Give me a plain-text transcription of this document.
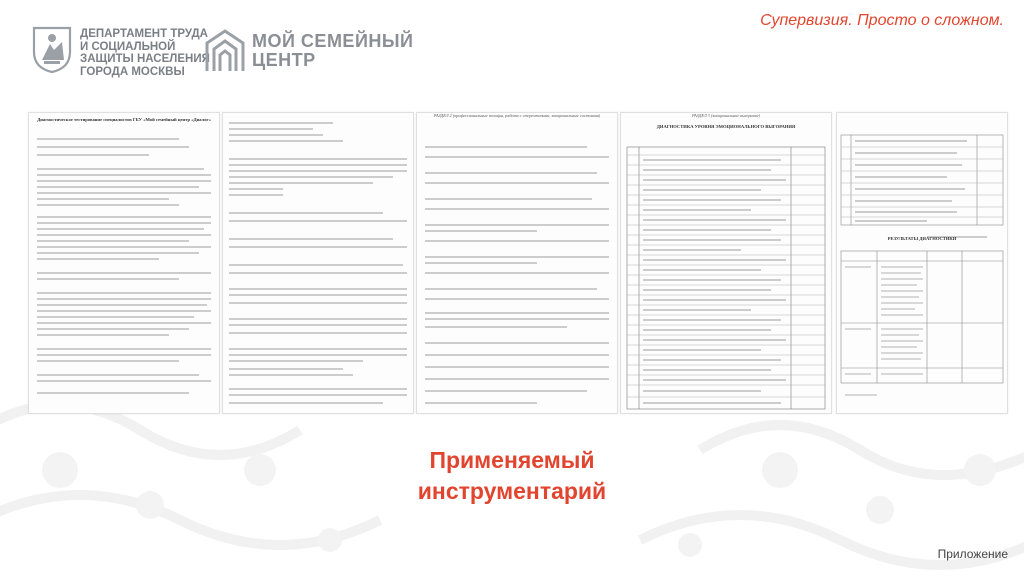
ДЕПАРТАМЕНТ ТРУДА
И СОЦИАЛЬНОЙ
ЗАЩИТЫ НАСЕЛЕНИЯ
ГОРОДА МОСКВЫ
МОЙ СЕМЕЙНЫЙ
ЦЕНТР
Супервизия. Просто о сложном.
Диагностическое тестирование специалистов ГБУ «Мой семейный центр «Диалог»
РАЗДЕЛ 2 (профессиональные позиции, работа с стереотипами, эмоциональные состояния)	РАЗДЕЛ 3 (эмоциональное выгорание)
ДИАГНОСТИКА УРОВНЯ ЭМОЦИОНАЛЬНОГО ВЫГОРАНИЯ
РЕЗУЛЬТАТЫ ДИАГНОСТИКИ
Применяемый
инструментарий
Приложение
